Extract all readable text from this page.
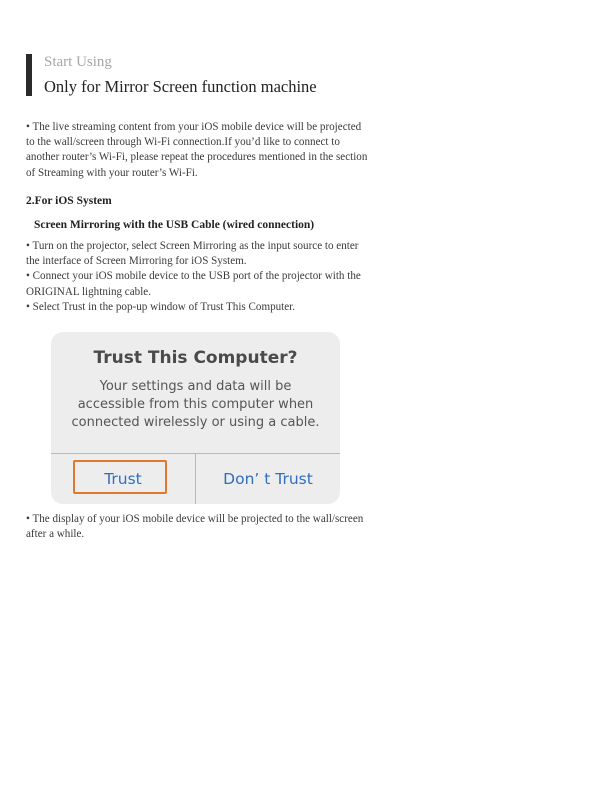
Start Using
Only for Mirror Screen function machine

• The live streaming content from your iOS mobile device will be projected to the wall/screen through Wi-Fi connection.If you’d like to connect to another router’s Wi-Fi, please repeat the procedures mentioned in the section of Streaming with your router’s Wi-Fi.

2.For iOS System
Screen Mirroring with the USB Cable (wired connection)

• Turn on the projector, select Screen Mirroring as the input source to enter the interface of Screen Mirroring for iOS System.

• Connect your iOS mobile device to the USB port of the projector with the ORIGINAL lightning cable.

• Select Trust in the pop-up window of Trust This Computer.

Trust This Computer?
Your settings and data will be
accessible from this computer when
connected wirelessly or using a cable.
Trust	Don’ t Trust

• The display of your iOS mobile device will be projected to the wall/screen after a while.
